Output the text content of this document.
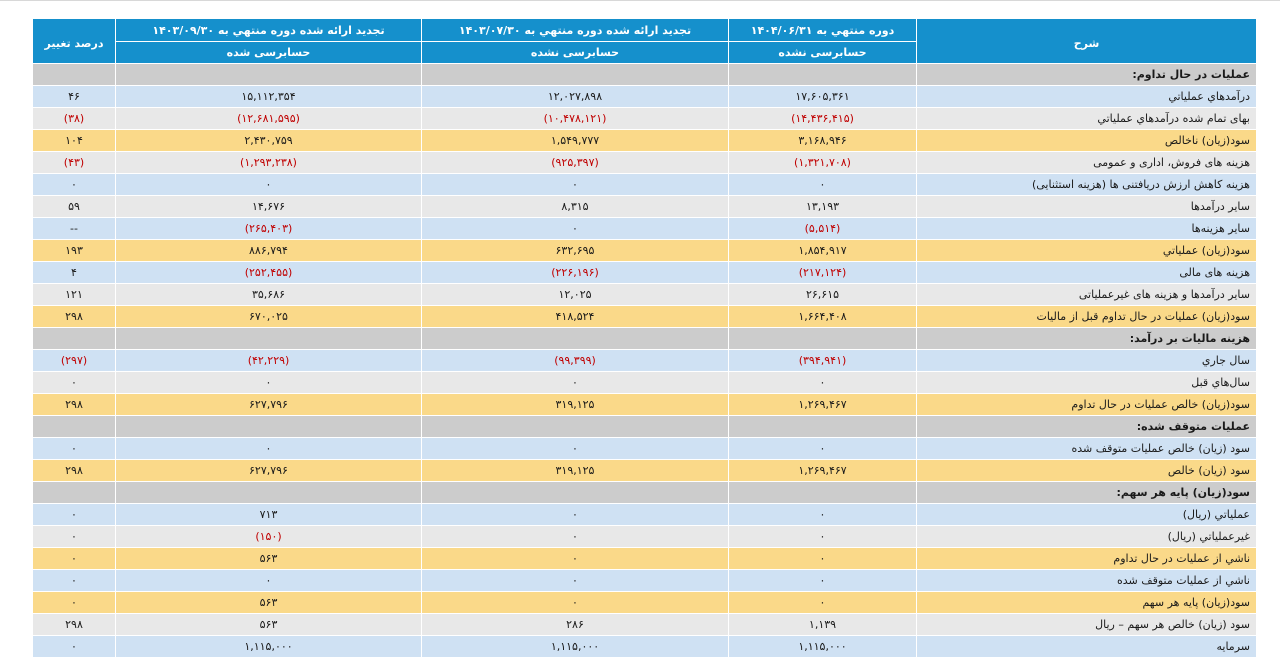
شرح	دوره منتهي به ۱۴۰۴/۰۶/۳۱	تجدید ارائه شده دوره منتهي به ۱۴۰۳/۰۷/۳۰	تجدید ارائه شده دوره منتهي به ۱۴۰۳/۰۹/۳۰	درصد تغییر
	حسابرسی نشده	حسابرسی نشده	حسابرسی شده	
عملیات در حال تداوم:				
درآمدهاي عملياتي	۱۷,۶۰۵,۳۶۱	۱۲,۰۲۷,۸۹۸	۱۵,۱۱۲,۳۵۴	۴۶
بهاى تمام شده درآمدهاي عملياتي	(۱۴,۴۳۶,۴۱۵)	(۱۰,۴۷۸,۱۲۱)	(۱۲,۶۸۱,۵۹۵)	(۳۸)
سود(زيان) ناخالص	۳,۱۶۸,۹۴۶	۱,۵۴۹,۷۷۷	۲,۴۳۰,۷۵۹	۱۰۴
هزينه هاى فروش، ادارى و عمومى	(۱,۳۲۱,۷۰۸)	(۹۲۵,۳۹۷)	(۱,۲۹۳,۲۳۸)	(۴۳)
هزینه کاهش ارزش دریافتنی ها (هزینه استثنایی)	۰	۰	۰	۰
ساير درآمدها	۱۳,۱۹۳	۸,۳۱۵	۱۴,۶۷۶	۵۹
سایر هزینه‌ها	(۵,۵۱۴)	۰	(۲۶۵,۴۰۳)	--
سود(زيان) عملياتي	۱,۸۵۴,۹۱۷	۶۳۲,۶۹۵	۸۸۶,۷۹۴	۱۹۳
هزينه هاى مالى	(۲۱۷,۱۲۴)	(۲۲۶,۱۹۶)	(۲۵۲,۴۵۵)	۴
ساير درآمدها و هزينه هاى غيرعملياتى	۲۶,۶۱۵	۱۲,۰۲۵	۳۵,۶۸۶	۱۲۱
سود(زيان) عمليات در حال تداوم قبل از ماليات	۱,۶۶۴,۴۰۸	۴۱۸,۵۲۴	۶۷۰,۰۲۵	۲۹۸
هزینه مالیات بر درآمد:				
سال جاري	(۳۹۴,۹۴۱)	(۹۹,۳۹۹)	(۴۲,۲۲۹)	(۲۹۷)
سال‌هاي قبل	۰	۰	۰	۰
سود(زيان) خالص عمليات در حال تداوم	۱,۲۶۹,۴۶۷	۳۱۹,۱۲۵	۶۲۷,۷۹۶	۲۹۸
عملیات متوقف شده:				
سود (زيان) خالص عمليات متوقف شده	۰	۰	۰	۰
سود (زيان) خالص	۱,۲۶۹,۴۶۷	۳۱۹,۱۲۵	۶۲۷,۷۹۶	۲۹۸
سود(زيان) پايه هر سهم:				
عملياتي (ريال)	۰	۰	۷۱۳	۰
غيرعملياتي (ريال)	۰	۰	(۱۵۰)	۰
ناشي از عمليات در حال تداوم	۰	۰	۵۶۳	۰
ناشي از عمليات متوقف شده	۰	۰	۰	۰
سود(زيان) پايه هر سهم	۰	۰	۵۶۳	۰
سود (زيان) خالص هر سهم – ريال	۱,۱۳۹	۲۸۶	۵۶۳	۲۹۸
سرمايه	۱,۱۱۵,۰۰۰	۱,۱۱۵,۰۰۰	۱,۱۱۵,۰۰۰	۰
